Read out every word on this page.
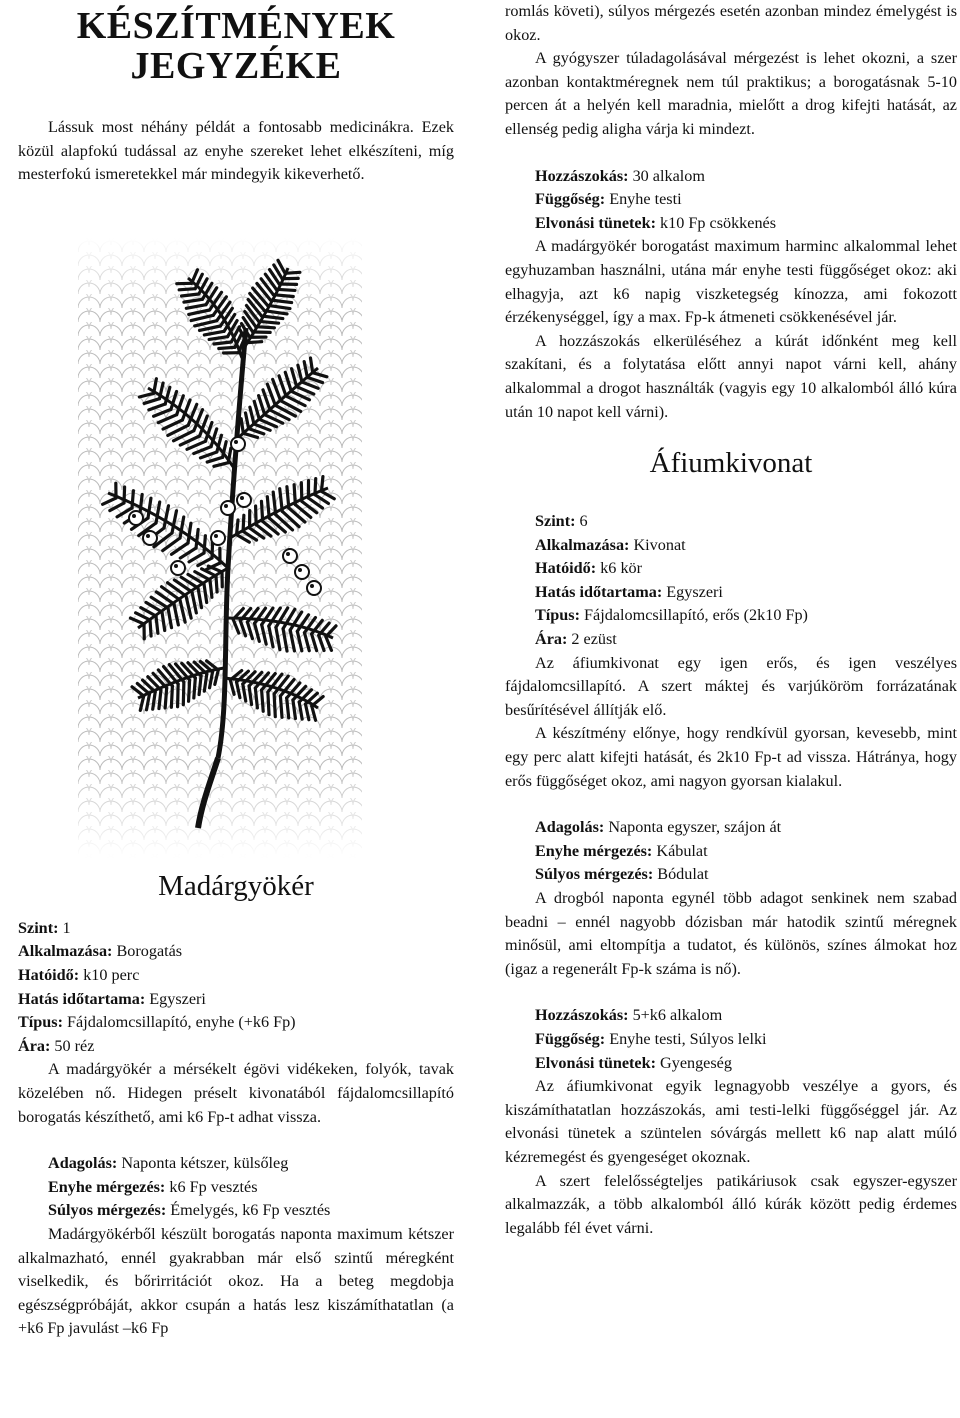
KÉSZÍTMÉNYEK
JEGYZÉKE

Lássuk most néhány példát a fontosabb medicinákra. Ezek közül alapfokú tudással az enyhe szereket lehet elkészíteni, míg mesterfokú ismeretekkel már mindegyik kikeverhető.

Madárgyökér
Szint: 1
Alkalmazása: Borogatás
Hatóidő: k10 perc
Hatás időtartama: Egyszeri
Típus: Fájdalomcsillapító, enyhe (+k6 Fp)
Ára: 50 réz

A madárgyökér a mérsékelt égövi vidékeken, folyók, tavak közelében nő. Hidegen préselt kivonatából fájdalomcsillapító borogatás készíthető, ami k6 Fp-t adhat vissza.

Adagolás: Naponta kétszer, külsőleg
Enyhe mérgezés: k6 Fp vesztés
Súlyos mérgezés: Émelygés, k6 Fp vesztés

Madárgyökérből készült borogatás naponta maximum kétszer alkalmazható, ennél gyakrabban már első szintű méregként viselkedik, és bőrirritációt okoz. Ha a beteg megdobja egészségpróbáját, akkor csupán a hatás lesz kiszámíthatatlan (a +k6 Fp javulást –k6 Fp

romlás követi), súlyos mérgezés esetén azonban mindez émelygést is okoz.

A gyógyszer túladagolásával mérgezést is lehet okozni, a szer azonban kontaktméregnek nem túl praktikus; a borogatásnak 5-10 percen át a helyén kell maradnia, mielőtt a drog kifejti hatását, az ellenség pedig aligha várja ki mindezt.

Hozzászokás: 30 alkalom
Függőség: Enyhe testi
Elvonási tünetek: k10 Fp csökkenés

A madárgyökér borogatást maximum harminc alkalommal lehet egyhuzamban használni, utána már enyhe testi függőséget okoz: aki elhagyja, azt k6 napig viszketegség kínozza, ami fokozott érzékenységgel, így a max. Fp-k átmeneti csökkenésével jár.

A hozzászokás elkerüléséhez a kúrát időnként meg kell szakítani, és a folytatása előtt annyi napot várni kell, ahány alkalommal a drogot használták (vagyis egy 10 alkalomból álló kúra után 10 napot kell várni).

Áfiumkivonat
Szint: 6
Alkalmazása: Kivonat
Hatóidő: k6 kör
Hatás időtartama: Egyszeri
Típus: Fájdalomcsillapító, erős (2k10 Fp)
Ára: 2 ezüst

Az áfiumkivonat egy igen erős, és igen veszélyes fájdalomcsillapító. A szert máktej és varjúköröm forrázatának besűrítésével állítják elő.

A készítmény előnye, hogy rendkívül gyorsan, kevesebb, mint egy perc alatt kifejti hatását, és 2k10 Fp-t ad vissza. Hátránya, hogy erős függőséget okoz, ami nagyon gyorsan kialakul.

Adagolás: Naponta egyszer, szájon át
Enyhe mérgezés: Kábulat
Súlyos mérgezés: Bódulat

A drogból naponta egynél több adagot senkinek nem szabad beadni – ennél nagyobb dózisban már hatodik szintű méregnek minősül, ami eltompítja a tudatot, és különös, színes álmokat hoz (igaz a regenerált Fp-k száma is nő).

Hozzászokás: 5+k6 alkalom
Függőség: Enyhe testi, Súlyos lelki
Elvonási tünetek: Gyengeség

Az áfiumkivonat egyik legnagyobb veszélye a gyors, és kiszámíthatatlan hozzászokás, ami testi-lelki függőséggel jár. Az elvonási tünetek a szüntelen sóvárgás mellett k6 nap alatt múló kézremegést és gyengeséget okoznak.

A szert felelősségteljes patikáriusok csak egyszer-egyszer alkalmazzák, a több alkalomból álló kúrák között pedig érdemes legalább fél évet várni.
